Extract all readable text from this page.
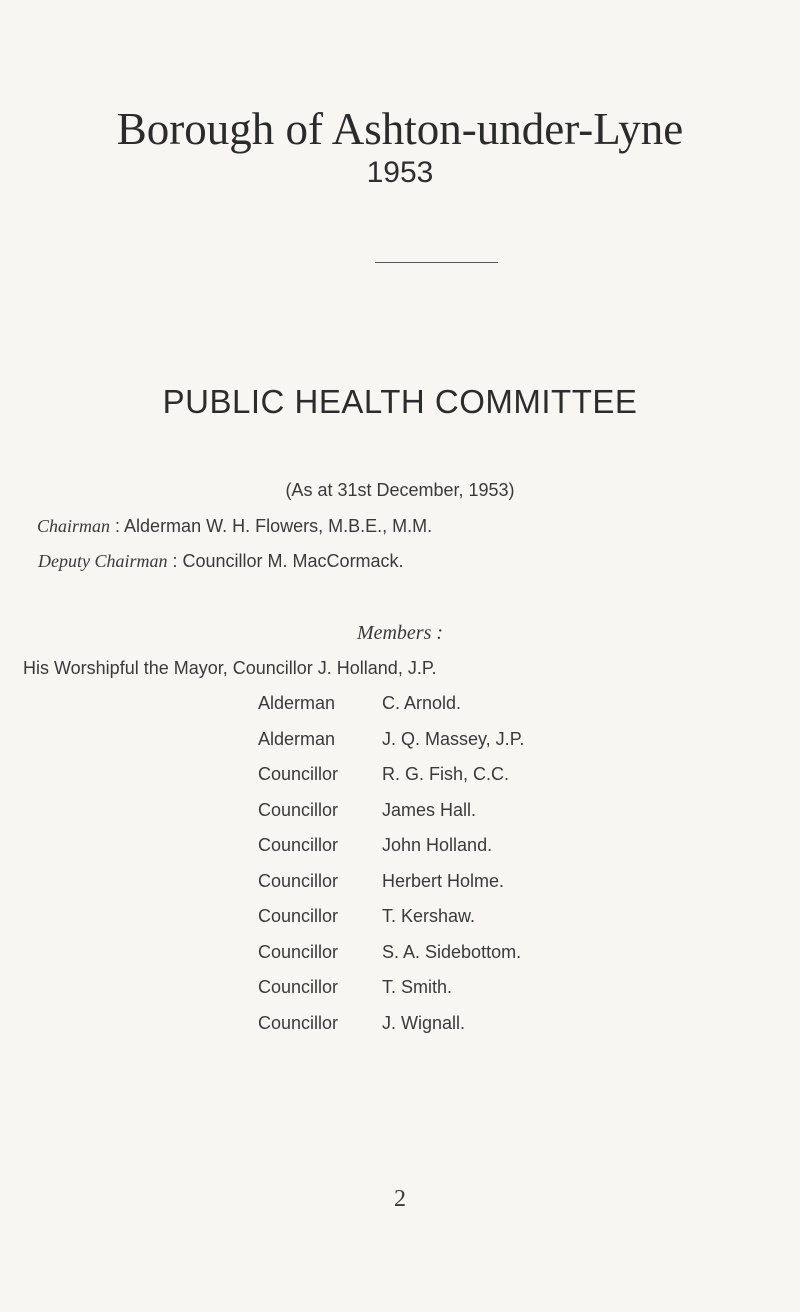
Borough of Ashton-under-Lyne
1953
PUBLIC HEALTH COMMITTEE
(As at 31st December, 1953)
Chairman : Alderman W. H. Flowers, M.B.E., M.M.
Deputy Chairman : Councillor M. MacCormack.
Members :
His Worshipful the Mayor, Councillor J. Holland, J.P.
Alderman	C. Arnold.
Alderman	J. Q. Massey, J.P.
Councillor R. G. Fish, C.C.
Councillor James Hall.
Councillor John Holland.
Councillor Herbert Holme.
Councillor T. Kershaw.
Councillor S. A. Sidebottom.
Councillor T. Smith.
Councillor J. Wignall.
2
